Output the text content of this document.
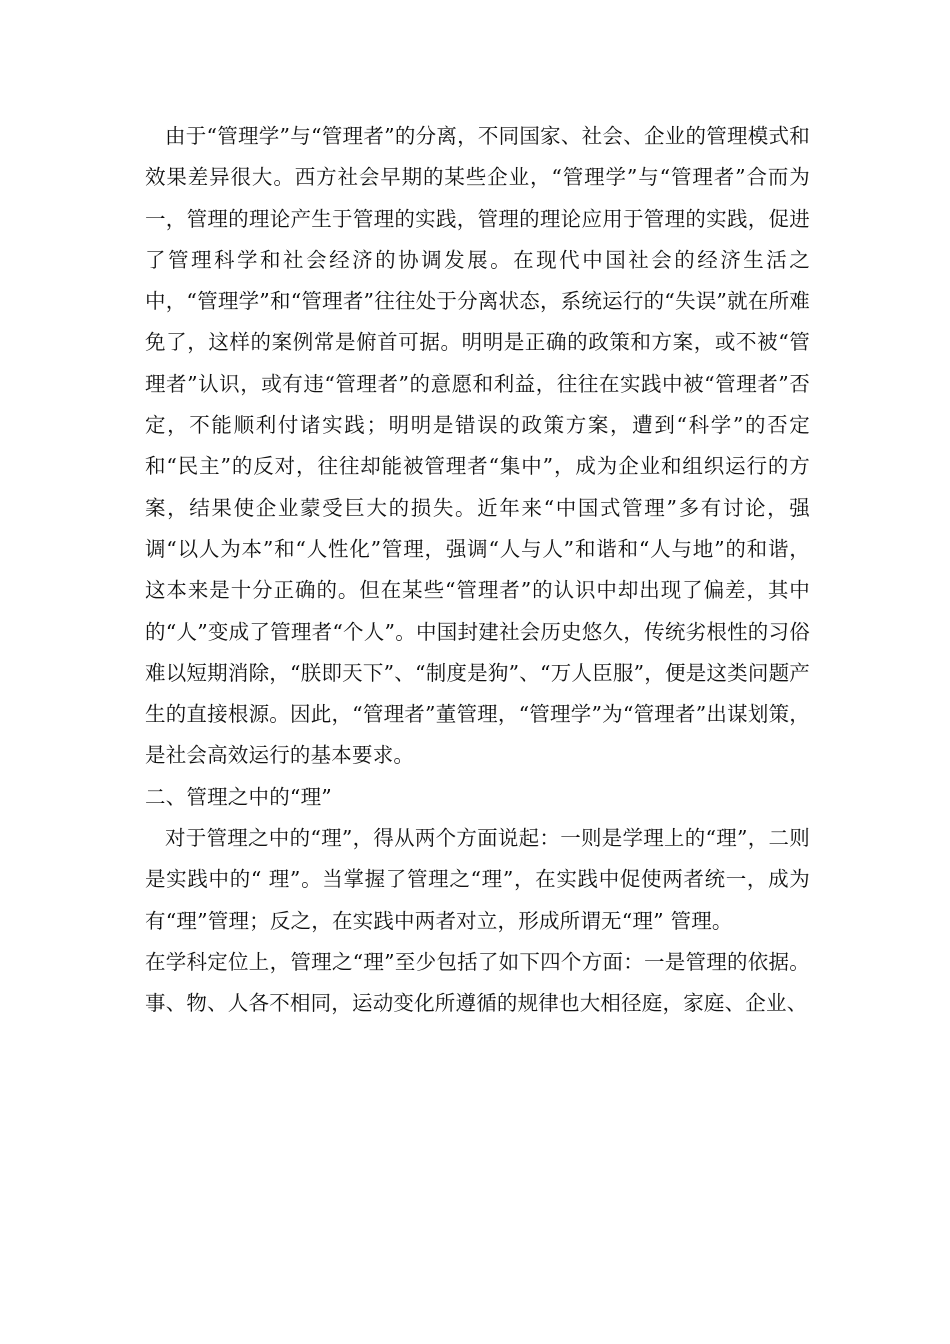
由于“管理学”与“管理者”的分离，不同国家、社会、企业的管理模式和效果差异很大。西方社会早期的某些企业，“管理学”与“管理者”合而为一，管理的理论产生于管理的实践，管理的理论应用于管理的实践，促进了管理科学和社会经济的协调发展。在现代中国社会的经济生活之中，“管理学”和“管理者”往往处于分离状态，系统运行的“失误”就在所难免了，这样的案例常是俯首可据。明明是正确的政策和方案，或不被“管理者”认识，或有违“管理者”的意愿和利益，往往在实践中被“管理者”否定，不能顺利付诸实践；明明是错误的政策方案，遭到“科学”的否定和“民主”的反对，往往却能被管理者“集中”，成为企业和组织运行的方案，结果使企业蒙受巨大的损失。近年来“中国式管理”多有讨论，强调“以人为本”和“人性化”管理，强调“人与人”和谐和“人与地”的和谐，这本来是十分正确的。但在某些“管理者”的认识中却出现了偏差，其中的“人”变成了管理者“个人”。中国封建社会历史悠久，传统劣根性的习俗难以短期消除，“朕即天下”、“制度是狗”、“万人臣服”，便是这类问题产生的直接根源。因此，“管理者”董管理，“管理学”为“管理者”出谋划策，是社会高效运行的基本要求。

二、管理之中的“理”

对于管理之中的“理”，得从两个方面说起：一则是学理上的“理”，二则是实践中的“ 理”。当掌握了管理之“理”，在实践中促使两者统一，成为有“理”管理；反之，在实践中两者对立，形成所谓无“理” 管理。

在学科定位上，管理之“理”至少包括了如下四个方面：一是管理的依据。事、物、人各不相同，运动变化所遵循的规律也大相径庭，家庭、企业、
